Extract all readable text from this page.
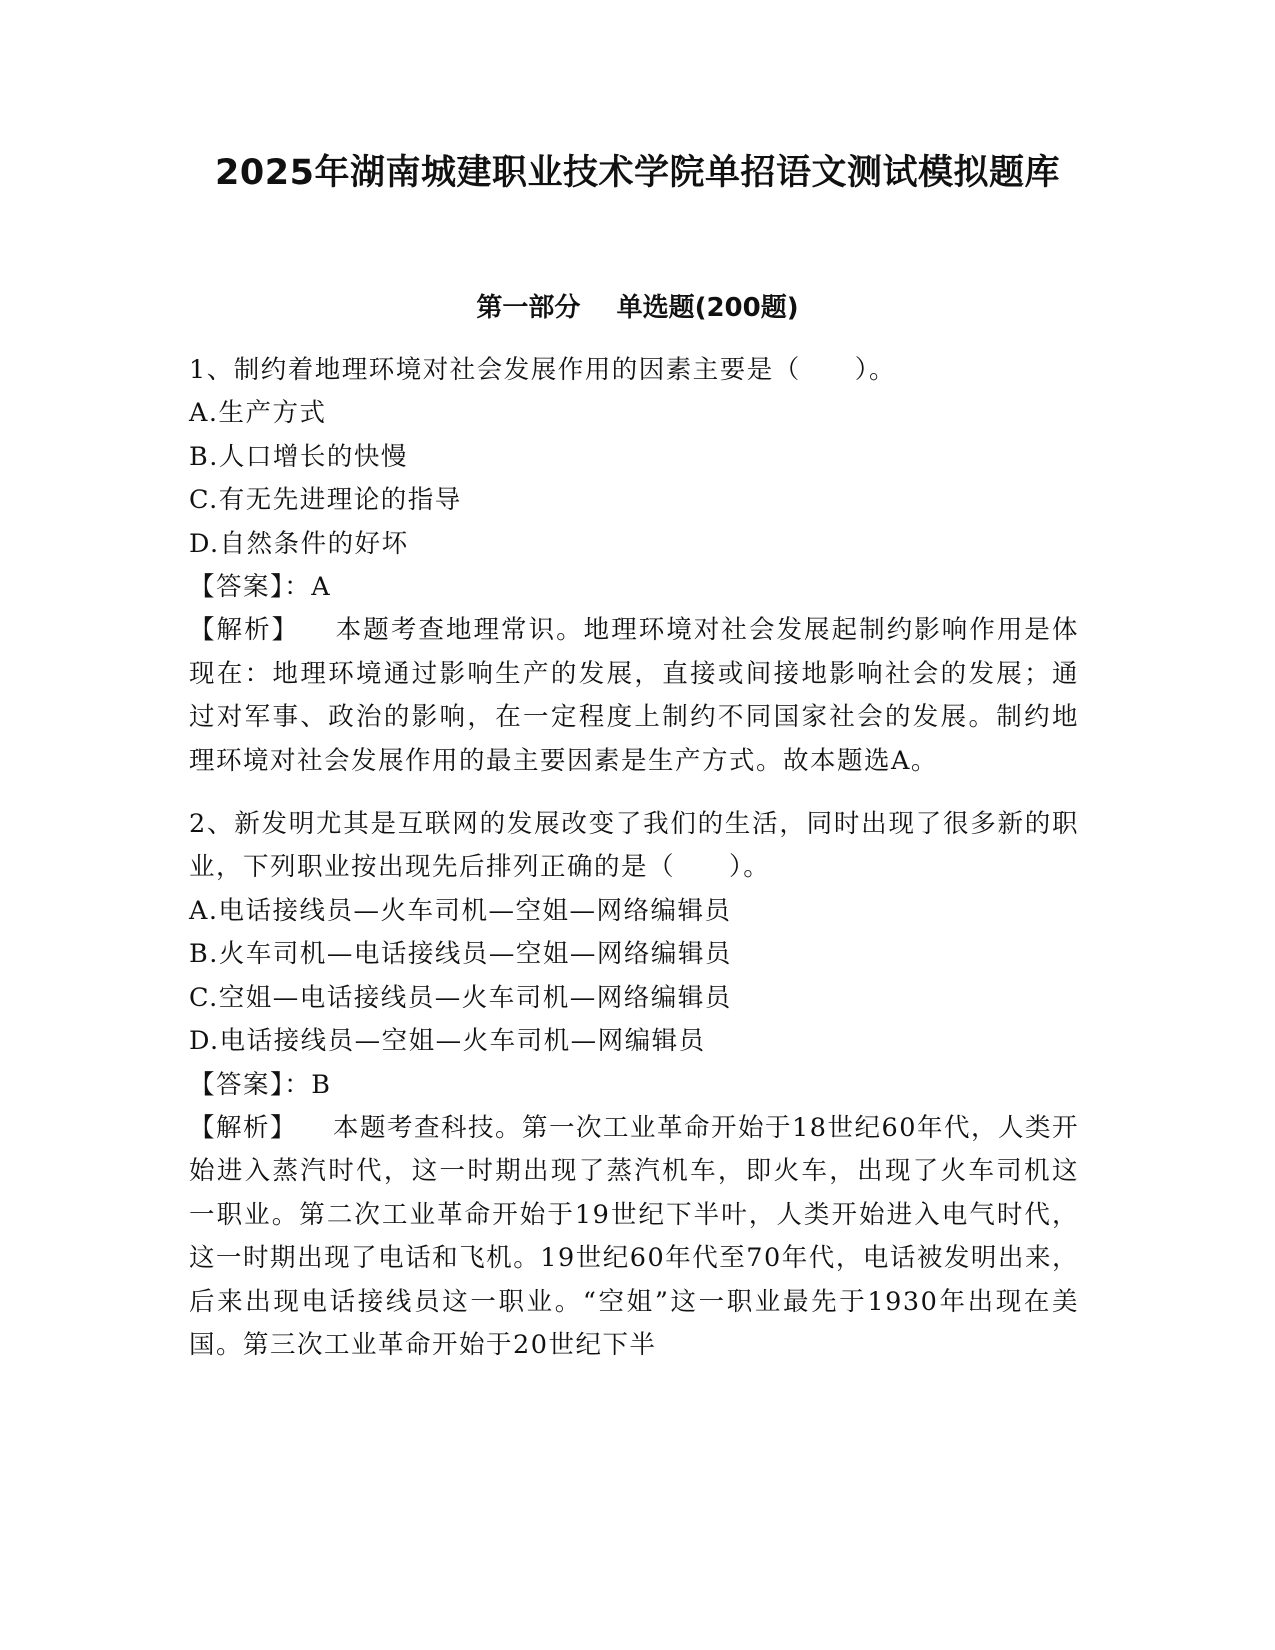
2025年湖南城建职业技术学院单招语文测试模拟题库
第一部分    单选题(200题)

1、制约着地理环境对社会发展作用的因素主要是（　　）。

A.生产方式

B.人口增长的快慢

C.有无先进理论的指导

D.自然条件的好坏

【答案】：A

【解析】 本题考查地理常识。地理环境对社会发展起制约影响作用是体现在：地理环境通过影响生产的发展，直接或间接地影响社会的发展；通过对军事、政治的影响，在一定程度上制约不同国家社会的发展。制约地理环境对社会发展作用的最主要因素是生产方式。故本题选A。

2、新发明尤其是互联网的发展改变了我们的生活，同时出现了很多新的职业，下列职业按出现先后排列正确的是（　　）。

A.电话接线员—火车司机—空姐—网络编辑员

B.火车司机—电话接线员—空姐—网络编辑员

C.空姐—电话接线员—火车司机—网络编辑员

D.电话接线员—空姐—火车司机—网编辑员

【答案】：B

【解析】 本题考查科技。第一次工业革命开始于18世纪60年代，人类开始进入蒸汽时代，这一时期出现了蒸汽机车，即火车，出现了火车司机这一职业。第二次工业革命开始于19世纪下半叶，人类开始进入电气时代，这一时期出现了电话和飞机。19世纪60年代至70年代，电话被发明出来，后来出现电话接线员这一职业。“空姐”这一职业最先于1930年出现在美国。第三次工业革命开始于20世纪下半
